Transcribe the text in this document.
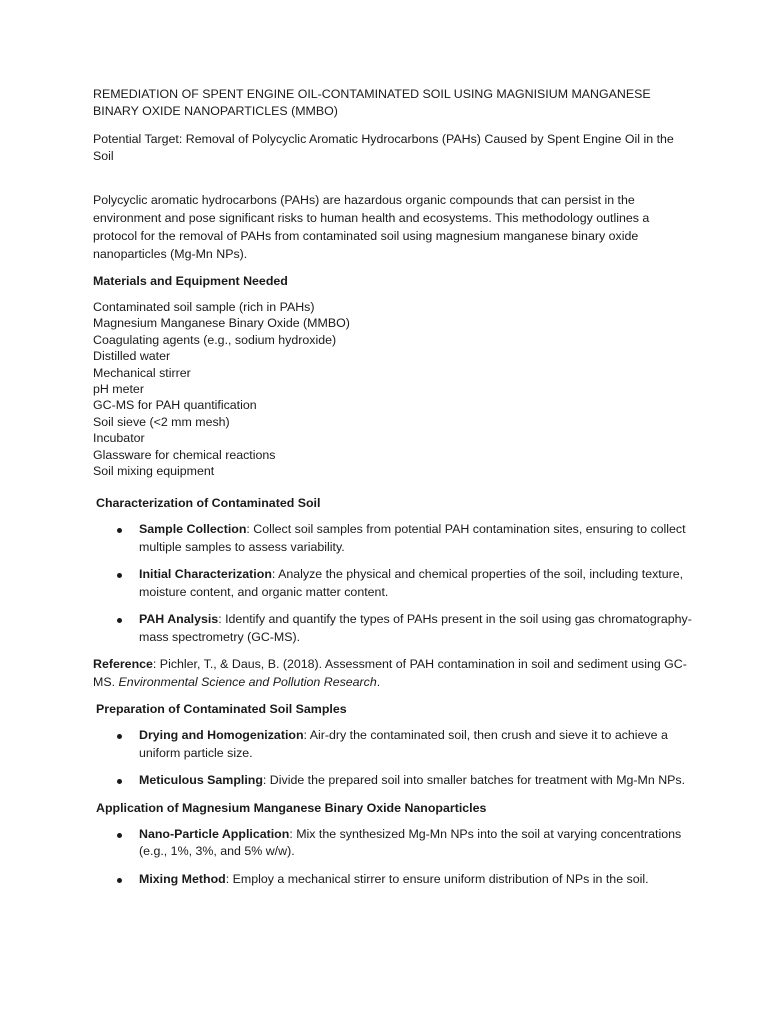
REMEDIATION OF SPENT ENGINE OIL-CONTAMINATED SOIL USING MAGNISIUM MANGANESE BINARY OXIDE NANOPARTICLES (MMBO)

Potential Target: Removal of Polycyclic Aromatic Hydrocarbons (PAHs) Caused by Spent Engine Oil in the Soil

Polycyclic aromatic hydrocarbons (PAHs) are hazardous organic compounds that can persist in the environment and pose significant risks to human health and ecosystems. This methodology outlines a protocol for the removal of PAHs from contaminated soil using magnesium manganese binary oxide nanoparticles (Mg-Mn NPs).

Materials and Equipment Needed

Contaminated soil sample (rich in PAHs)
Magnesium Manganese Binary Oxide (MMBO)
Coagulating agents (e.g., sodium hydroxide)
Distilled water
Mechanical stirrer
pH meter
GC-MS for PAH quantification
Soil sieve (<2 mm mesh)
Incubator
Glassware for chemical reactions
Soil mixing equipment

Characterization of Contaminated Soil

Sample Collection: Collect soil samples from potential PAH contamination sites, ensuring to collect multiple samples to assess variability.
Initial Characterization: Analyze the physical and chemical properties of the soil, including texture, moisture content, and organic matter content.
PAH Analysis: Identify and quantify the types of PAHs present in the soil using gas chromatography-mass spectrometry (GC-MS).

Reference: Pichler, T., & Daus, B. (2018). Assessment of PAH contamination in soil and sediment using GC-MS. Environmental Science and Pollution Research.

Preparation of Contaminated Soil Samples

Drying and Homogenization: Air-dry the contaminated soil, then crush and sieve it to achieve a uniform particle size.
Meticulous Sampling: Divide the prepared soil into smaller batches for treatment with Mg-Mn NPs.

Application of Magnesium Manganese Binary Oxide Nanoparticles

Nano-Particle Application: Mix the synthesized Mg-Mn NPs into the soil at varying concentrations (e.g., 1%, 3%, and 5% w/w).
Mixing Method: Employ a mechanical stirrer to ensure uniform distribution of NPs in the soil.
